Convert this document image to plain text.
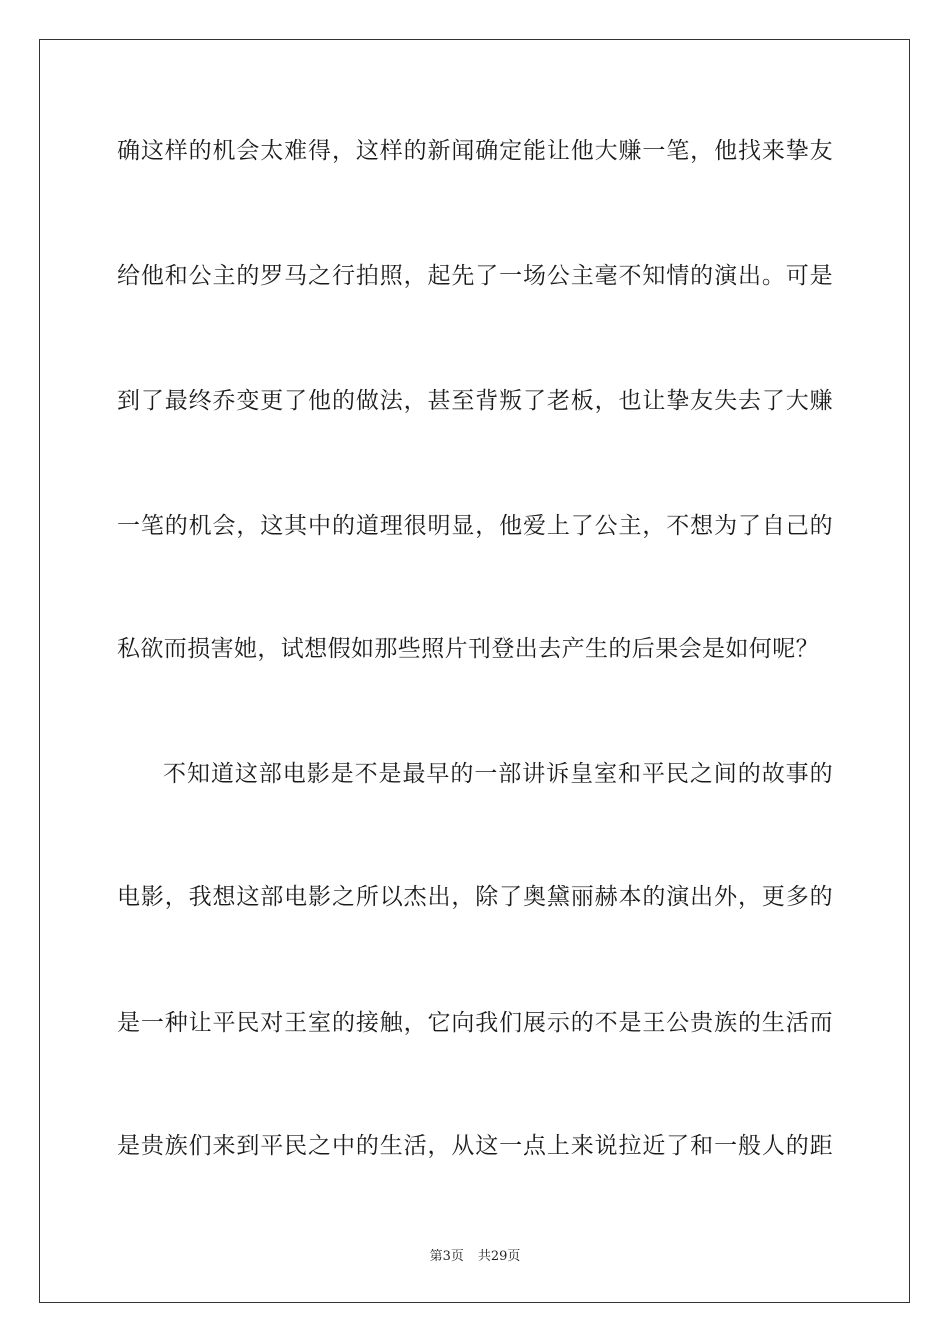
确这样的机会太难得，这样的新闻确定能让他大赚一笔，他找来挚友
给他和公主的罗马之行拍照，起先了一场公主毫不知情的演出。可是
到了最终乔变更了他的做法，甚至背叛了老板，也让挚友失去了大赚
一笔的机会，这其中的道理很明显，他爱上了公主，不想为了自己的
私欲而损害她，试想假如那些照片刊登出去产生的后果会是如何呢？
不知道这部电影是不是最早的一部讲诉皇室和平民之间的故事的
电影，我想这部电影之所以杰出，除了奥黛丽赫本的演出外，更多的
是一种让平民对王室的接触，它向我们展示的不是王公贵族的生活而
是贵族们来到平民之中的生活，从这一点上来说拉近了和一般人的距
第3页 共29页
